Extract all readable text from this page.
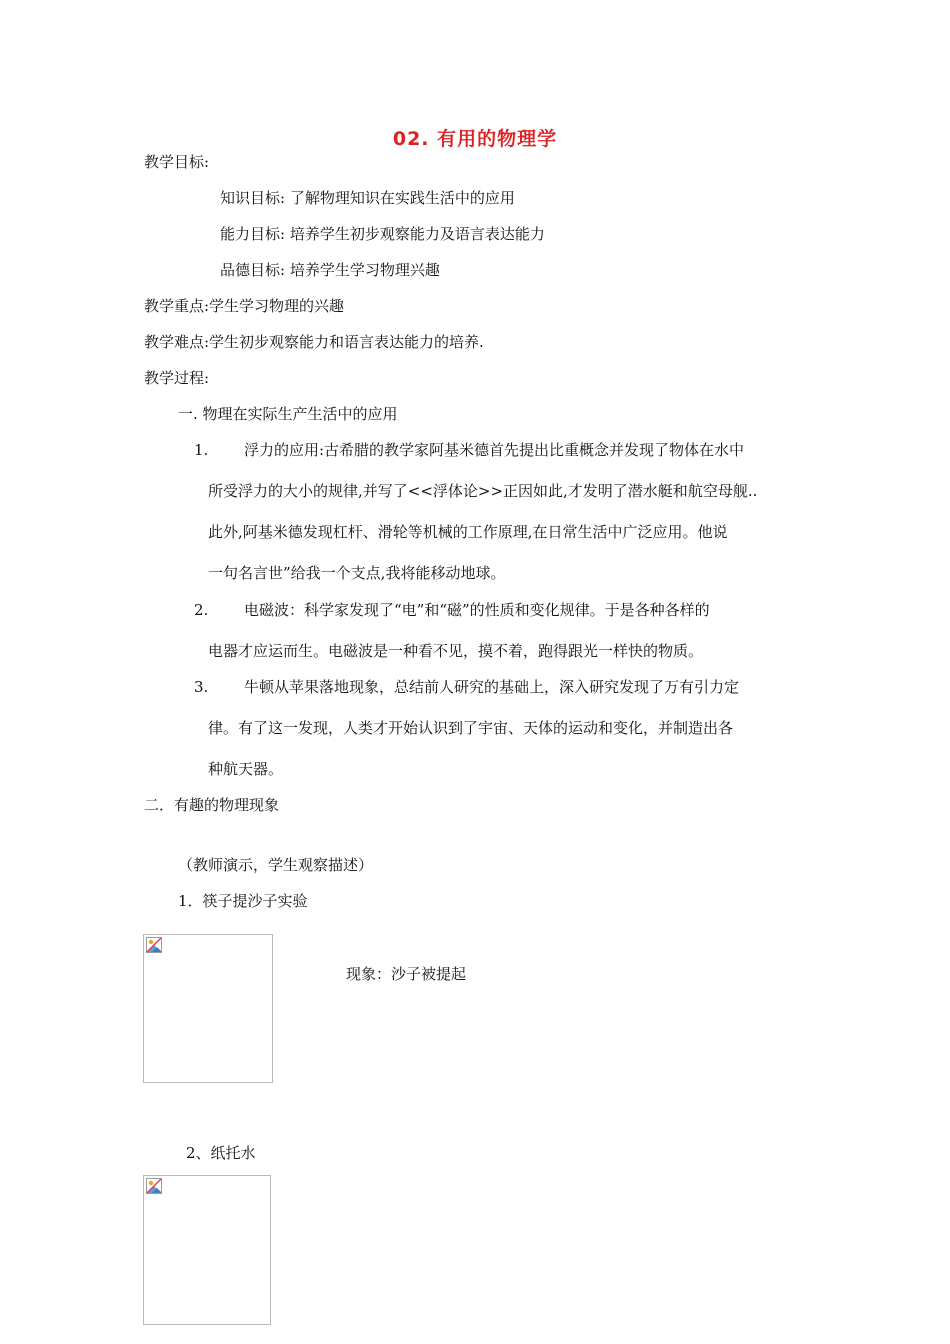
02. 有用的物理学
教学目标:
知识目标: 了解物理知识在实践生活中的应用
能力目标: 培养学生初步观察能力及语言表达能力
品德目标: 培养学生学习物理兴趣
教学重点:学生学习物理的兴趣
教学难点:学生初步观察能力和语言表达能力的培养.
教学过程:
一. 物理在实际生产生活中的应用
1. 浮力的应用:古希腊的教学家阿基米德首先提出比重概念并发现了物体在水中
所受浮力的大小的规律,并写了<<浮体论>>正因如此,才发明了潜水艇和航空母舰..
此外,阿基米德发现杠杆、滑轮等机械的工作原理,在日常生活中广泛应用。他说
一句名言世”给我一个支点,我将能移动地球。
2. 电磁波：科学家发现了“电”和“磁”的性质和变化规律。于是各种各样的
电器才应运而生。电磁波是一种看不见，摸不着，跑得跟光一样快的物质。
3. 牛顿从苹果落地现象，总结前人研究的基础上，深入研究发现了万有引力定
律。有了这一发现，人类才开始认识到了宇宙、天体的运动和变化，并制造出各
种航天器。
二．有趣的物理现象
（教师演示，学生观察描述）
1．筷子提沙子实验
现象：沙子被提起
2、纸托水
